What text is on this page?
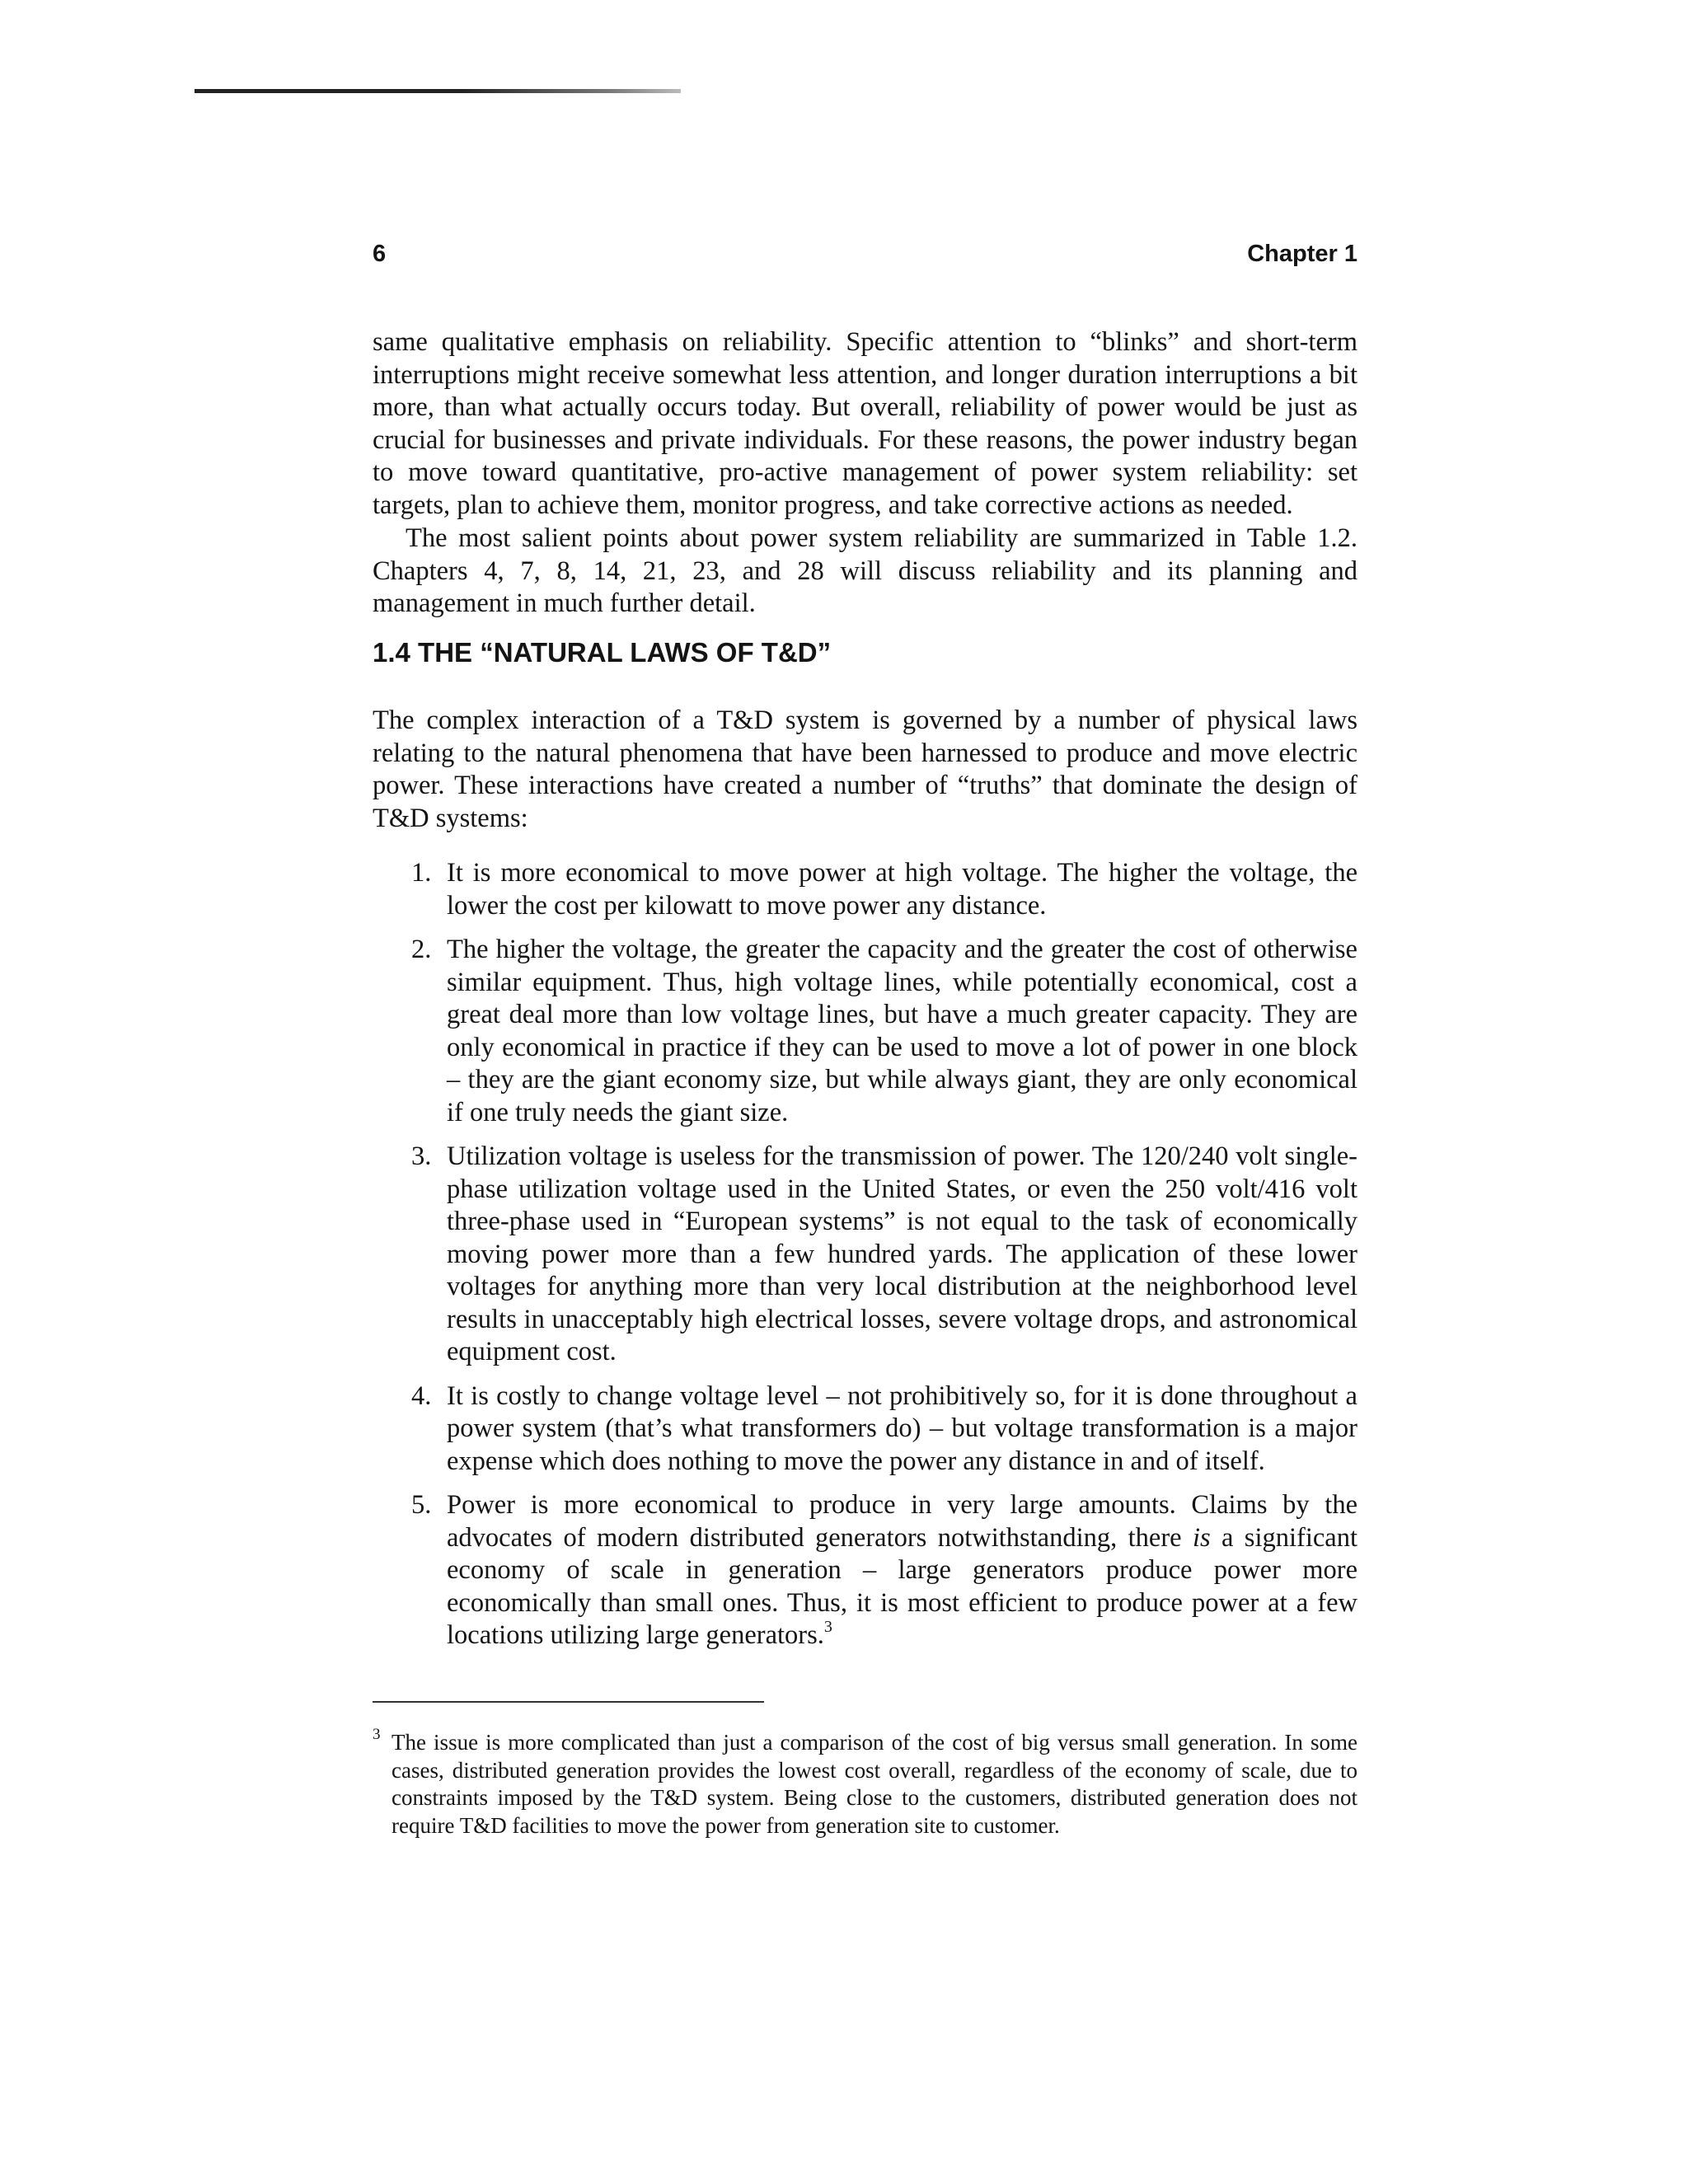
6	Chapter 1

same qualitative emphasis on reliability. Specific attention to “blinks” and short-term interruptions might receive somewhat less attention, and longer duration interruptions a bit more, than what actually occurs today. But overall, reliability of power would be just as crucial for businesses and private individuals. For these reasons, the power industry began to move toward quantitative, pro-active management of power system reliability: set targets, plan to achieve them, monitor progress, and take corrective actions as needed.

The most salient points about power system reliability are summarized in Table 1.2. Chapters 4, 7, 8, 14, 21, 23, and 28 will discuss reliability and its planning and management in much further detail.

1.4 THE “NATURAL LAWS OF T&D”

The complex interaction of a T&D system is governed by a number of physical laws relating to the natural phenomena that have been harnessed to produce and move electric power. These interactions have created a number of “truths” that dominate the design of T&D systems:

1. It is more economical to move power at high voltage. The higher the voltage, the lower the cost per kilowatt to move power any distance.
2. The higher the voltage, the greater the capacity and the greater the cost of otherwise similar equipment. Thus, high voltage lines, while potentially economical, cost a great deal more than low voltage lines, but have a much greater capacity. They are only economical in practice if they can be used to move a lot of power in one block – they are the giant economy size, but while always giant, they are only economical if one truly needs the giant size.
3. Utilization voltage is useless for the transmission of power. The 120/240 volt single-phase utilization voltage used in the United States, or even the 250 volt/416 volt three-phase used in “European systems” is not equal to the task of economically moving power more than a few hundred yards. The application of these lower voltages for anything more than very local distribution at the neighborhood level results in unacceptably high electrical losses, severe voltage drops, and astronomical equipment cost.
4. It is costly to change voltage level – not prohibitively so, for it is done throughout a power system (that’s what transformers do) – but voltage transformation is a major expense which does nothing to move the power any distance in and of itself.
5. Power is more economical to produce in very large amounts. Claims by the advocates of modern distributed generators notwithstanding, there is a significant economy of scale in generation – large generators produce power more economically than small ones. Thus, it is most efficient to produce power at a few locations utilizing large generators.$^3$
3 The issue is more complicated than just a comparison of the cost of big versus small generation. In some cases, distributed generation provides the lowest cost overall, regardless of the economy of scale, due to constraints imposed by the T&D system. Being close to the customers, distributed generation does not require T&D facilities to move the power from generation site to customer.
